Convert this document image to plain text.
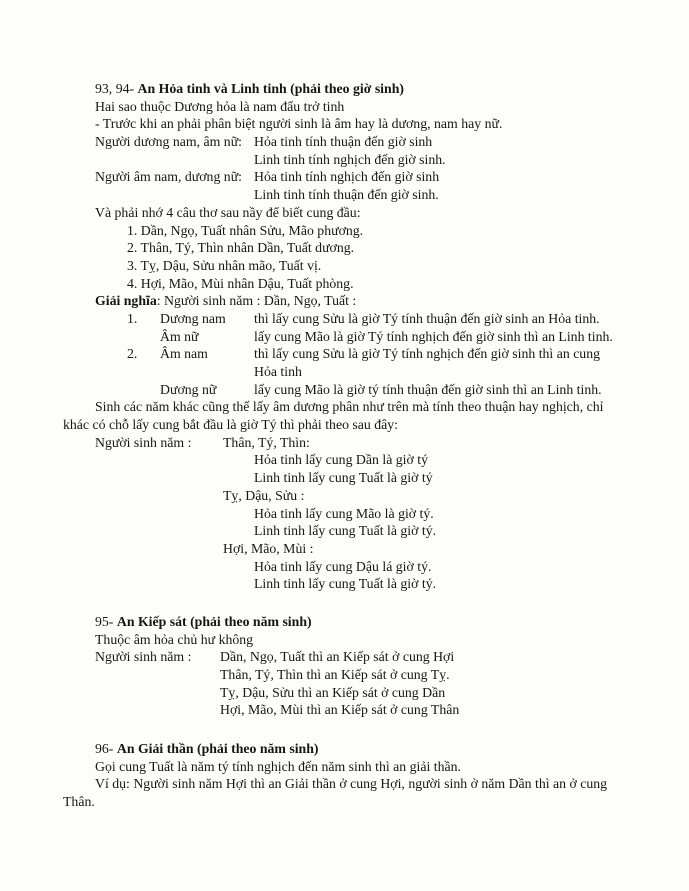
93, 94- An Hỏa tinh và Linh tinh (phải theo giờ sinh)
Hai sao thuộc Dương hỏa là nam đẩu trở tinh
- Trước khi an phải phân biệt người sinh là âm hay là dương, nam hay nữ.
Người dương nam, âm nữ: Hỏa tinh tính thuận đến giờ sinh
Linh tinh tính nghịch đến giờ sinh.
Người âm nam, dương nữ: Hỏa tinh tính nghịch đến giờ sinh
Linh tinh tính thuận đến giờ sinh.
Và phải nhớ 4 câu thơ sau nầy để biết cung đầu:
1. Dần, Ngọ, Tuất nhân Sửu, Mão phương.
2. Thân, Tý, Thìn nhân Dần, Tuất dương.
3. Tỵ, Dậu, Sửu nhân mão, Tuất vị.
4. Hợi, Mão, Mùi nhân Dậu, Tuất phòng.
Giải nghĩa: Người sinh năm : Dần, Ngọ, Tuất :
1. Dương nam thì lấy cung Sửu là giờ Tý tính thuận đến giờ sinh an Hỏa tinh.
Âm nữ	lấy cung Mão là giờ Tý tính nghịch đến giờ sinh thì an Linh tinh.
2. Âm nam	thì lấy cung Sửu là giờ Tý tính nghịch đến giờ sinh thì an cung
Hỏa tinh
Dương nữ	lấy cung Mão là giờ tý tính thuận đến giờ sinh thì an Linh tinh.
Sinh các năm khác cũng thế lấy âm dương phân như trên mà tính theo thuận hay nghịch, chỉ
khác có chỗ lấy cung bắt đầu là giờ Tý thì phải theo sau đây:
Người sinh năm : Thân, Tý, Thìn:
Hỏa tinh lấy cung Dần là giờ tý
Linh tinh lấy cung Tuất là giờ tý
Tỵ, Dậu, Sửu :
Hỏa tinh lấy cung Mão là giờ tý.
Linh tinh lấy cung Tuất là giờ tý.
Hợi, Mão, Mùi :
Hỏa tinh lấy cung Dậu lá giờ tý.
Linh tinh lấy cung Tuất là giờ tý.
95- An Kiếp sát (phải theo năm sinh)
Thuộc âm hỏa chủ hư không
Người sinh năm : Dần, Ngọ, Tuất thì an Kiếp sát ở cung Hợi
Thân, Tý, Thìn thì an Kiếp sát ở cung Tỵ.
Tỵ, Dậu, Sửu thì an Kiếp sát ở cung Dần
Hợi, Mão, Mùi thì an Kiếp sát ở cung Thân
96- An Giải thần (phải theo năm sinh)
Gọi cung Tuất là năm tý tính nghịch đến năm sinh thì an giải thần.
Ví dụ: Người sinh năm Hợi thì an Giải thần ở cung Hợi, người sinh ở năm Dần thì an ở cung
Thân.
